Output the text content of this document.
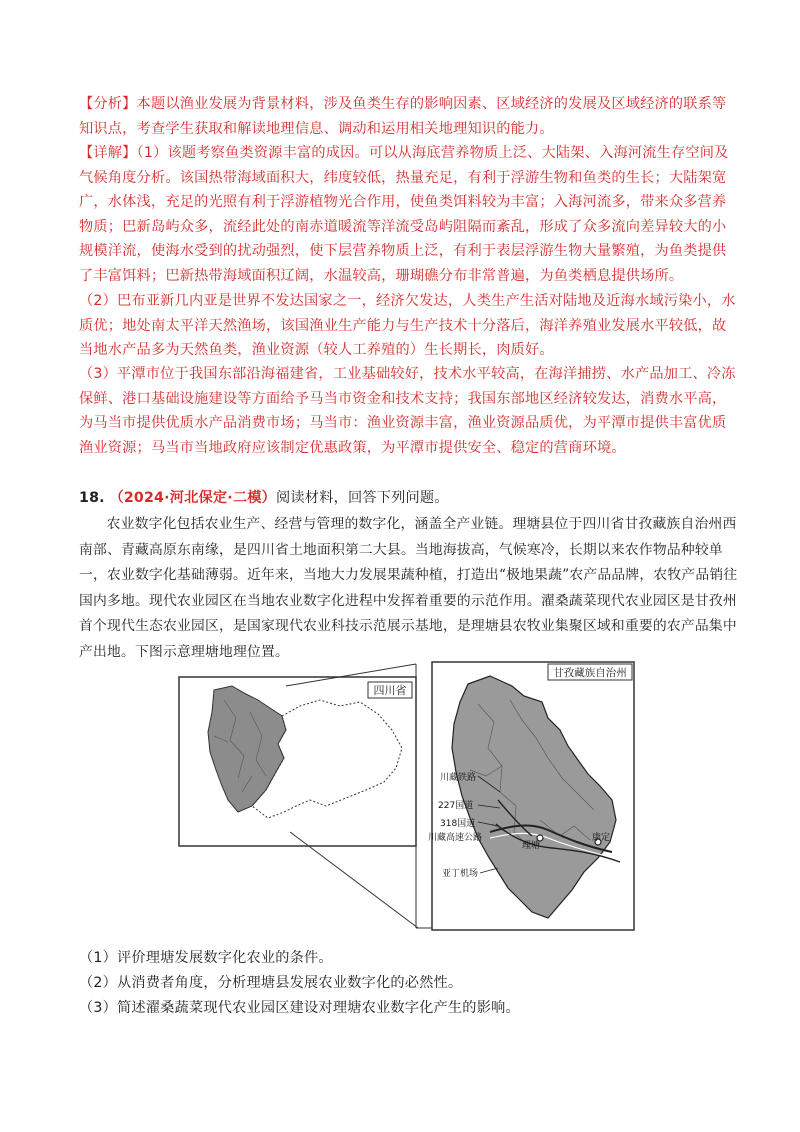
【分析】本题以渔业发展为背景材料，涉及鱼类生存的影响因素、区域经济的发展及区域经济的联系等知识点，考查学生获取和解读地理信息、调动和运用相关地理知识的能力。
【详解】（1）该题考察鱼类资源丰富的成因。可以从海底营养物质上泛、大陆架、入海河流生存空间及气候角度分析。该国热带海域面积大，纬度较低，热量充足，有利于浮游生物和鱼类的生长；大陆架宽广，水体浅，充足的光照有利于浮游植物光合作用，使鱼类饵料较为丰富；入海河流多，带来众多营养物质；巴新岛屿众多，流经此处的南赤道暖流等洋流受岛屿阻隔而紊乱，形成了众多流向差异较大的小规模洋流，使海水受到的扰动强烈，使下层营养物质上泛，有利于表层浮游生物大量繁殖，为鱼类提供了丰富饵料；巴新热带海域面积辽阔，水温较高，珊瑚礁分布非常普遍，为鱼类栖息提供场所。
（2）巴布亚新几内亚是世界不发达国家之一，经济欠发达，人类生产生活对陆地及近海水域污染小，水质优；地处南太平洋天然渔场，该国渔业生产能力与生产技术十分落后，海洋养殖业发展水平较低，故当地水产品多为天然鱼类，渔业资源（较人工养殖的）生长期长，肉质好。
（3）平潭市位于我国东部沿海福建省，工业基础较好，技术水平较高，在海洋捕捞、水产品加工、冷冻保鲜、港口基础设施建设等方面给予马当市资金和技术支持；我国东部地区经济较发达，消费水平高，为马当市提供优质水产品消费市场；马当市：渔业资源丰富，渔业资源品质优，为平潭市提供丰富优质渔业资源；马当市当地政府应该制定优惠政策，为平潭市提供安全、稳定的营商环境。
18. （2024·河北保定·二模）阅读材料，回答下列问题。
农业数字化包括农业生产、经营与管理的数字化，涵盖全产业链。理塘县位于四川省甘孜藏族自治州西南部、青藏高原东南缘，是四川省土地面积第二大县。当地海拔高，气候寒冷，长期以来农作物品种较单一，农业数字化基础薄弱。近年来，当地大力发展果蔬种植，打造出“极地果蔬”农产品品牌，农牧产品销往国内多地。现代农业园区在当地农业数字化进程中发挥着重要的示范作用。濯桑蔬菜现代农业园区是甘孜州首个现代生态农业园区，是国家现代农业科技示范展示基地，是理塘县农牧业集聚区域和重要的农产品集中产出地。下图示意理塘地理位置。
四川省
甘孜藏族自治州
川藏铁路
227国道
318国道
川藏高速公路
理塘
康定
亚丁机场
（1）评价理塘发展数字化农业的条件。
（2）从消费者角度，分析理塘县发展农业数字化的必然性。
（3）简述濯桑蔬菜现代农业园区建设对理塘农业数字化产生的影响。
